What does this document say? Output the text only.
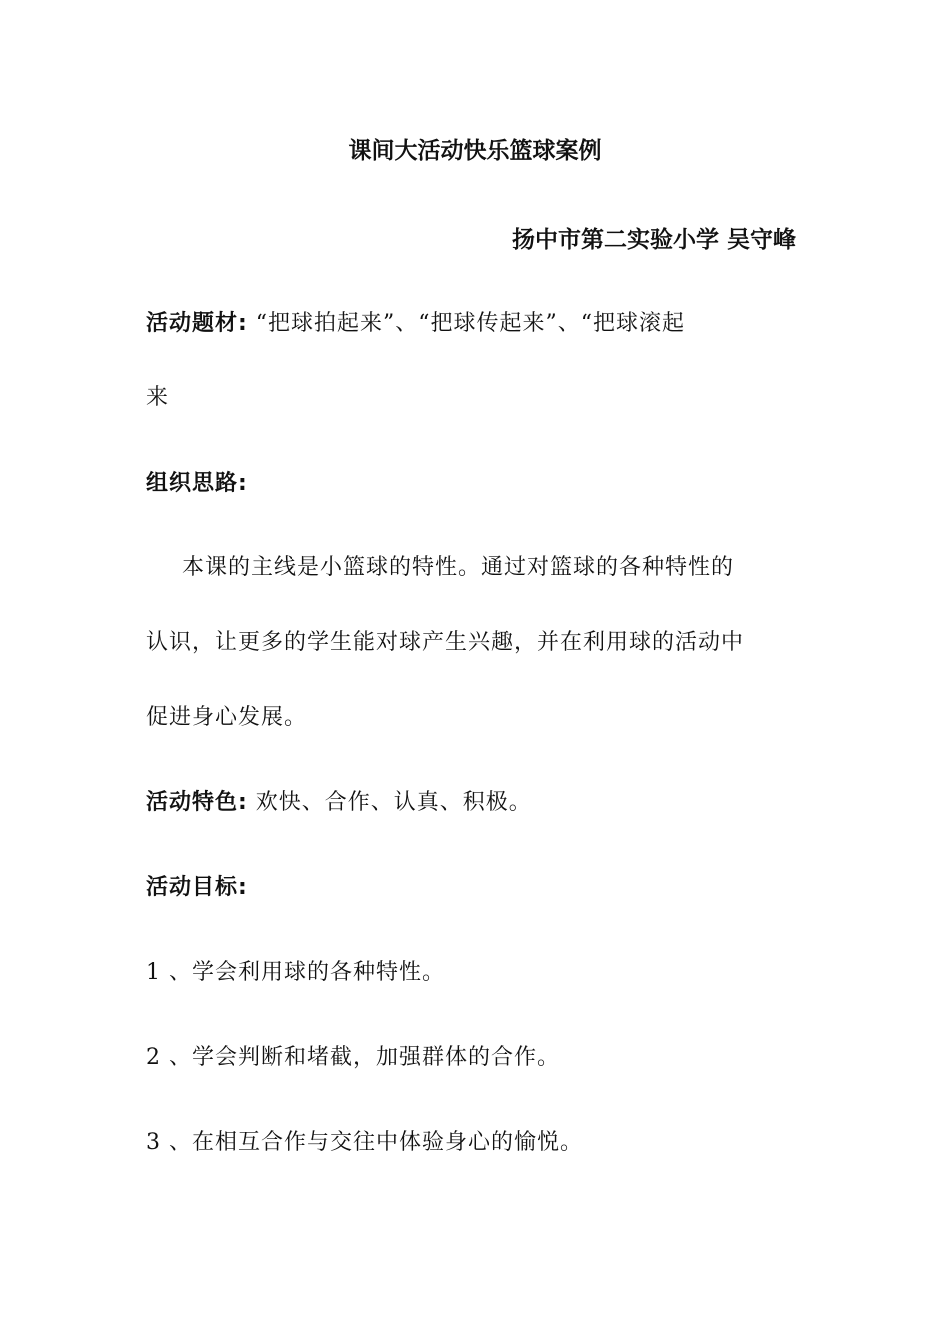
课间大活动快乐篮球案例
扬中市第二实验小学 吴守峰
活动题材: “把球拍起来”、“把球传起来”、“把球滚起
来
组织思路:
本课的主线是小篮球的特性。通过对篮球的各种特性的
认识，让更多的学生能对球产生兴趣，并在利用球的活动中
促进身心发展。
活动特色: 欢快、合作、认真、积极。
活动目标:
1 、学会利用球的各种特性。
2 、学会判断和堵截，加强群体的合作。
3 、在相互合作与交往中体验身心的愉悦。
